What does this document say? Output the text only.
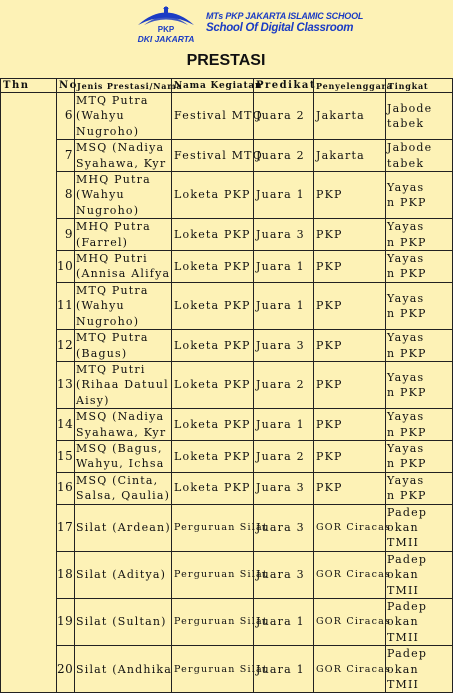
PKP
DKI JAKARTA
MTs PKP JAKARTA ISLAMIC SCHOOL
School Of Digital Classroom
PRESTASI
Thn	No	Jenis Prestasi/Nama	Nama Kegiatan	Predikat	Penyelenggara	Tingkat
	6	MTQ Putra
(Wahyu
Nugroho)	Festival MTQ	Juara 2	Jakarta	Jabode
tabek

	7	MSQ (Nadiya
Syahawa, Kyr	Festival MTQ	Juara 2	Jakarta	Jabode
tabek

	8	MHQ Putra
(Wahyu
Nugroho)	Loketa PKP	Juara 1	PKP	Yayas
n PKP

	9	MHQ Putra
(Farrel)	Loketa PKP	Juara 3	PKP	Yayas
n PKP

	10	MHQ Putri
(Annisa Alifya	Loketa PKP	Juara 1	PKP	Yayas
n PKP

	11	MTQ Putra
(Wahyu
Nugroho)	Loketa PKP	Juara 1	PKP	Yayas
n PKP

	12	MTQ Putra
(Bagus)	Loketa PKP	Juara 3	PKP	Yayas
n PKP

	13	MTQ Putri
(Rihaa Datuul
Aisy)	Loketa PKP	Juara 2	PKP	Yayas
n PKP

	14	MSQ (Nadiya
Syahawa, Kyr	Loketa PKP	Juara 1	PKP	Yayas
n PKP

	15	MSQ (Bagus,
Wahyu, Ichsa	Loketa PKP	Juara 2	PKP	Yayas
n PKP

	16	MSQ (Cinta,
Salsa, Qaulia)	Loketa PKP	Juara 3	PKP	Yayas
n PKP

	17	Silat (Ardean)	Perguruan Silat	Juara 3	GOR Ciracas	Padep
okan
TMII

	18	Silat (Aditya)	Perguruan Silat	Juara 3	GOR Ciracas	Padep
okan
TMII

	19	Silat (Sultan)	Perguruan Silat	Juara 1	GOR Ciracas	Padep
okan
TMII

	20	Silat (Andhika	Perguruan Silat	Juara 1	GOR Ciracas	Padep
okan
TMII
